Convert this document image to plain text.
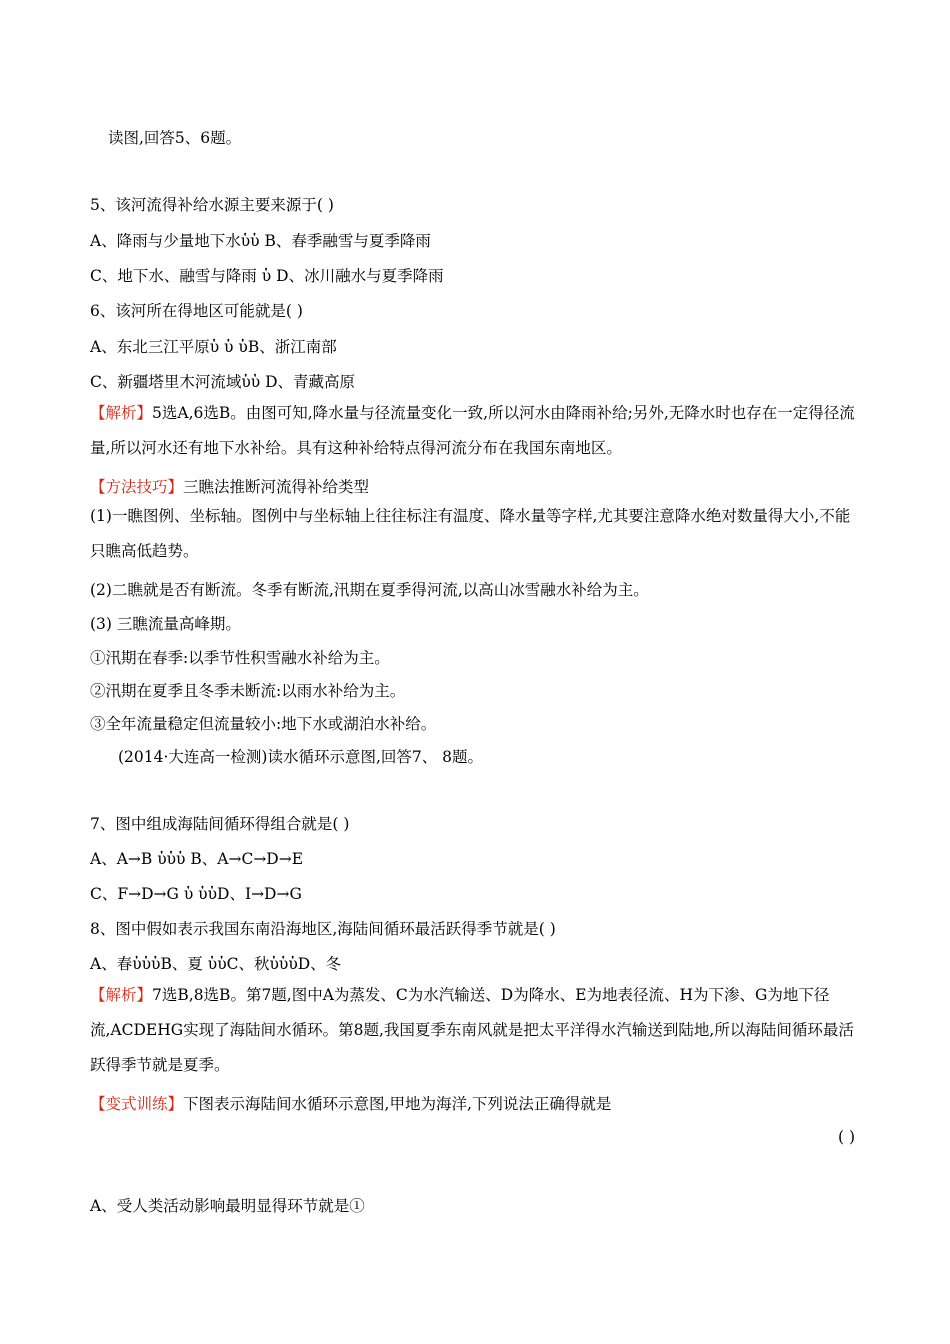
读图,回答5、6题。
5、该河流得补给水源主要来源于( )
A、降雨与少量地下水ὑὑ B、春季融雪与夏季降雨
C、地下水、融雪与降雨 ὑ D、冰川融水与夏季降雨
6、该河所在得地区可能就是( )
A、东北三江平原ὑ ὑ ὑB、浙江南部
C、新疆塔里木河流域ὑὑ D、青藏高原
【解析】5选A,6选B。由图可知,降水量与径流量变化一致,所以河水由降雨补给;另外,无降水时也存在一定得径流量,所以河水还有地下水补给。具有这种补给特点得河流分布在我国东南地区。
【方法技巧】三瞧法推断河流得补给类型
(1)一瞧图例、坐标轴。图例中与坐标轴上往往标注有温度、降水量等字样,尤其要注意降水绝对数量得大小,不能只瞧高低趋势。
(2)二瞧就是否有断流。冬季有断流,汛期在夏季得河流,以高山冰雪融水补给为主。
(3) 三瞧流量高峰期。
①汛期在春季:以季节性积雪融水补给为主。
②汛期在夏季且冬季未断流:以雨水补给为主。
③全年流量稳定但流量较小:地下水或湖泊水补给。
(2014·大连高一检测)读水循环示意图,回答7、 8题。
7、图中组成海陆间循环得组合就是( )
A、A→B ὑὑὑ B、A→C→D→E
C、F→D→G ὑ ὑὑD、I→D→G
8、图中假如表示我国东南沿海地区,海陆间循环最活跃得季节就是( )
A、春ὑὑὑB、夏 ὑὑC、秋ὑὑὑD、冬
【解析】7选B,8选B。第7题,图中A为蒸发、C为水汽输送、D为降水、E为地表径流、H为下渗、G为地下径流,ACDEHG实现了海陆间水循环。第8题,我国夏季东南风就是把太平洋得水汽输送到陆地,所以海陆间循环最活跃得季节就是夏季。
【变式训练】下图表示海陆间水循环示意图,甲地为海洋,下列说法正确得就是
( )
A、受人类活动影响最明显得环节就是①
